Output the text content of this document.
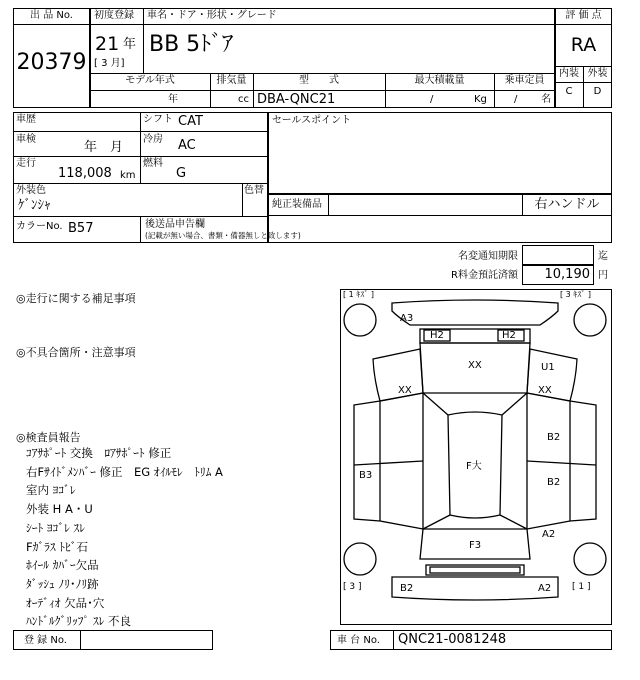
出 品 No.
20379
初度登録 車名・ドア・形状・グレード
21 年
[ 3 月]
BB 5ﾄﾞｱ
モデル年式	排気量	型　　式	最大積載量	乗車定員
年	cc DBA-QNC21	/	Kg	/ 名
評 価 点
RA
内装 外装
C	D
車歴	シフト CAT
車検
年　月
冷房 AC
走行
118,008 km
燃料
G
外装色
ｹﾞﾝｼｬ
色替
カラーNo. B57	後送品申告欄
(記載が無い場合、書類・備器無しと致します)
セールスポイント
純正装備品	右ハンドル
名変通知期限	迄
R料金預託済額	10,190 円
◎走行に関する補足事項
◎不具合箇所・注意事項
◎検査員報告
ｺｱｻﾎﾟｰﾄ 交換　ﾛｱｻﾎﾟｰﾄ 修正
右Fｻｲﾄﾞﾒﾝﾊﾞｰ 修正　EG ｵｲﾙﾓﾚ　ﾄﾘﾑ A
室内 ﾖｺﾞﾚ
外装 H A・U
ｼｰﾄ ﾖｺﾞﾚ ｽﾚ
Fｶﾞﾗｽ ﾄﾋﾞ石
ﾎｲｰﾙ ｶﾊﾞｰ欠品
ﾀﾞｯｼｭ ﾉﾘ･ﾉﾘ跡
ｵｰﾃﾞｨｵ 欠品･穴
ﾊﾝﾄﾞﾙｸﾞﾘｯﾌﾟ ｽﾚ 不良
[ 1 ｷｽﾞ ]	[ 3 ｷｽﾞ ]
[ 3 ]	[ 1 ]
A3
H2	H2
XX
XX
U1
XX
B2
B3
F大
B2
A2
F3
B2	A2
登 録 No.	車 台 No. QNC21-0081248
